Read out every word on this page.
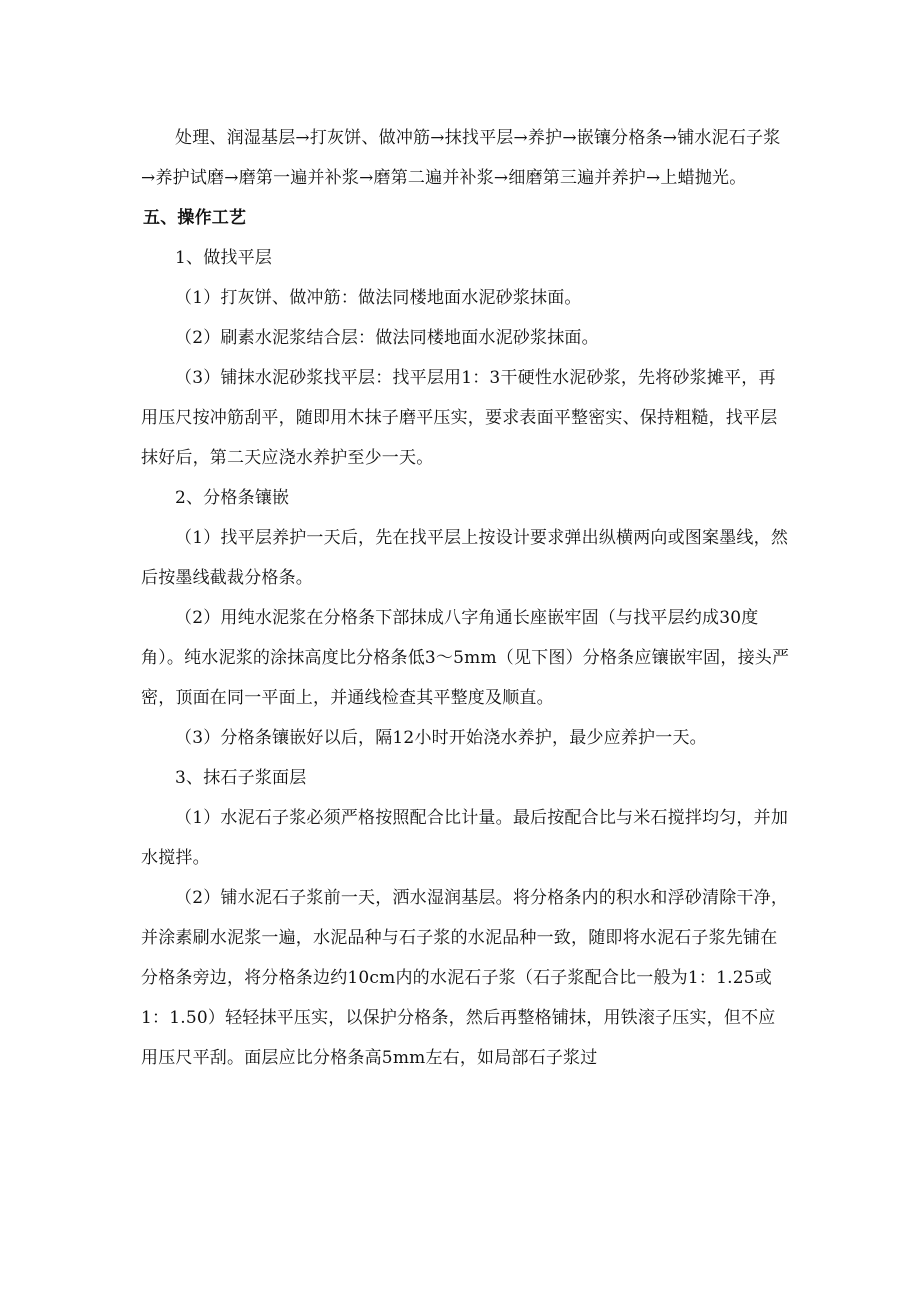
处理、润湿基层→打灰饼、做冲筋→抹找平层→养护→嵌镶分格条→铺水泥石子浆→养护试磨→磨第一遍并补浆→磨第二遍并补浆→细磨第三遍并养护→上蜡抛光。

五、操作工艺

1、做找平层

（1）打灰饼、做冲筋：做法同楼地面水泥砂浆抹面。

（2）刷素水泥浆结合层：做法同楼地面水泥砂浆抹面。

（3）铺抹水泥砂浆找平层：找平层用1：3干硬性水泥砂浆，先将砂浆摊平，再用压尺按冲筋刮平，随即用木抹子磨平压实，要求表面平整密实、保持粗糙，找平层抹好后，第二天应浇水养护至少一天。

2、分格条镶嵌

（1）找平层养护一天后，先在找平层上按设计要求弹出纵横两向或图案墨线，然后按墨线截裁分格条。

（2）用纯水泥浆在分格条下部抹成八字角通长座嵌牢固（与找平层约成30度角）。纯水泥浆的涂抹高度比分格条低3～5mm（见下图）分格条应镶嵌牢固，接头严密，顶面在同一平面上，并通线检查其平整度及顺直。

（3）分格条镶嵌好以后，隔12小时开始浇水养护，最少应养护一天。

3、抹石子浆面层

（1）水泥石子浆必须严格按照配合比计量。最后按配合比与米石搅拌均匀，并加水搅拌。

（2）铺水泥石子浆前一天，洒水湿润基层。将分格条内的积水和浮砂清除干净，并涂素刷水泥浆一遍，水泥品种与石子浆的水泥品种一致，随即将水泥石子浆先铺在分格条旁边，将分格条边约10cm内的水泥石子浆（石子浆配合比一般为1：1.25或1：1.50）轻轻抹平压实，以保护分格条，然后再整格铺抹，用铁滚子压实，但不应用压尺平刮。面层应比分格条高5mm左右，如局部石子浆过
